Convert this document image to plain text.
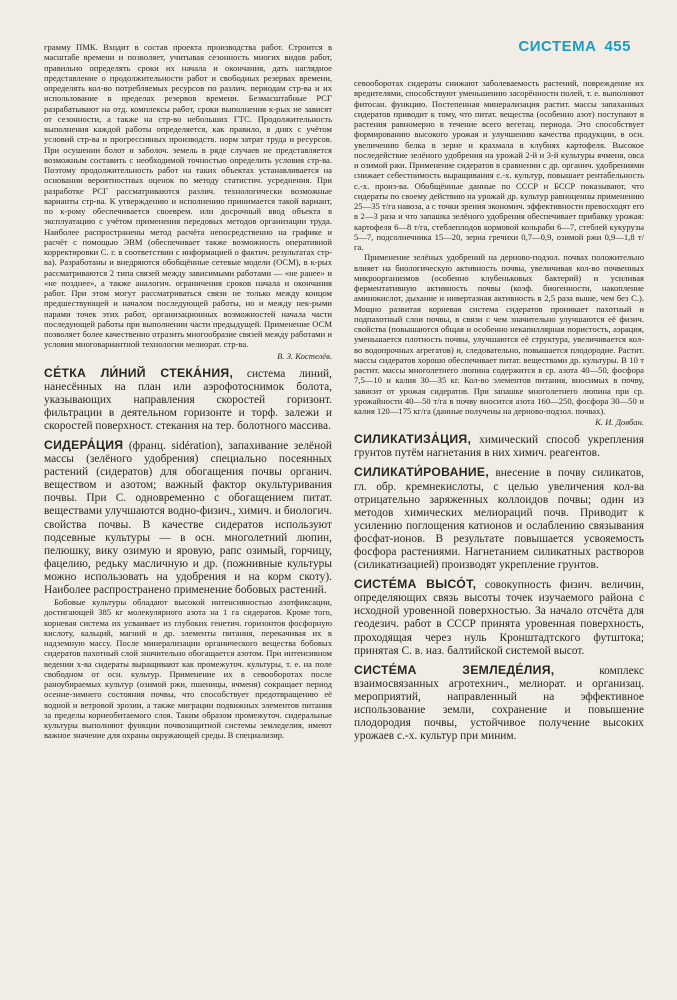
СИСТЕМА 455

грамму ПМК. Входит в состав проекта производства работ. Строится в масштабе времени и позволяет, учитывая сезонность многих видов работ, правильно определять сроки их начала и окончания, дать наглядное представление о продолжительности работ и свободных резервах времени, определять кол-во потребляемых ресурсов по различ. периодам стр-ва и их использование в пределах резервов времени. Безмасштабные РСГ разрабатывают на отд. комплексы работ, сроки выполнения к-рых не зависят от сезонности, а также на стр-во небольших ГТС. Продолжительность выполнения каждой работы определяется, как правило, в днях с учётом условий стр-ва и прогрессивных производств. норм затрат труда и ресурсов. При осушении болот и заболоч. земель в ряде случаев не представляется возможным составить с необходимой точностью определить условия стр-ва. Поэтому продолжительность работ на таких объектах устанавливается на основании вероятностных оценок по методу статистич. усреднения. При разработке РСГ рассматриваются различ. технологически возможные варианты стр-ва. К утверждению и исполнению принимается такой вариант, по к-рому обеспечивается своеврем. или досрочный ввод объекта в эксплуатацию с учётом применения передовых методов организации труда. Наиболее распространены метод расчёта непосредственно на графике и расчёт с помощью ЭВМ (обеспечивает также возможность оперативной корректировки С. г. в соответствии с информацией о фактич. результатах стр-ва). Разработаны и внедряются обобщённые сетевые модели (ОСМ), в к-рых рассматриваются 2 типа связей между зависимыми работами — «не ранее» и «не позднее», а также аналогич. ограничения сроков начала и окончания работ. При этом могут рассматриваться связи не только между концом предшествующей и началом последующей работы, но и между нек-рыми парами точек этих работ, организационных возможностей начала части последующей работы при выполнении части предыдущей. Применение ОСМ позволяет более качественно отразить многообразие связей между работами и условия многовариантной технологии мелиорат. стр-ва.

В. З. Костелёв.

СЕ́ТКА ЛИ́НИЙ СТЕКА́НИЯ, система линий, нанесённых на план или аэрофотоснимок болота, указывающих направления скоростей горизонт. фильтрации в деятельном горизонте и торф. залежи и скоростей поверхност. стекания на тер. болотного массива.

СИДЕРА́ЦИЯ (франц. sidération), запахивание зелёной массы (зелёного удобрения) специально посеянных растений (сидератов) для обогащения почвы органич. веществом и азотом; важный фактор окультуривания почвы. При С. одновременно с обогащением питат. веществами улучшаются водно-физич., химич. и биологич. свойства почвы. В качестве сидератов используют подсевные культуры — в осн. многолетний люпин, пелюшку, вику озимую и яровую, рапс озимый, горчицу, фацелию, редьку масличную и др. (пожнивные культуры можно использовать на удобрения и на корм скоту). Наиболее распространено применение бобовых растений.

Бобовые культуры обладают высокой интенсивностью азотфиксации, достигающей 385 кг молекулярного азота на 1 га сидератов. Кроме того, корневая система их усваивает из глубоких генетич. горизонтов фосфорную кислоту, кальций, магний и др. элементы питания, перекачивая их в надземную массу. После минерализации органического вещества бобовых сидератов пахотный слой значительно обогащается азотом. При интенсивном ведении х-ва сидераты выращивают как промежуточ. культуры, т. е. на поле свободном от осн. культур. Применение их в севооборотах после раноубираемых культур (озимой ржи, пшеницы, ячменя) сокращает период осенне-зимнего состояния почвы, что способствует предотвращению её водной и ветровой эрозии, а также миграции подвижных элементов питания за пределы корнеобитаемого слоя. Таким образом промежуточ. сидеральные культуры выполняют функции почвозащитной системы земледелия, имеют важное значение для охраны окружающей среды. В специализир.

севооборотах сидераты снижают заболеваемость растений, повреждение их вредителями, способствуют уменьшению засорённости полей, т. е. выполняют фитосан. функцию. Постепенная минерализация растит. массы запаханных сидератов приводит к тому, что питат. вещества (особенно азот) поступают в растения равномерно в течение всего вегетац. периода. Это способствует формированию высокого урожая и улучшению качества продукции, в осн. увеличению белка в зерне и крахмала в клубнях картофеля. Высокое последействие зелёного удобрения на урожай 2-й и 3-й культуры ячменя, овса и озимой ржи. Применение сидератов в сравнении с др. органич. удобрениями снижает себестоимость выращивания с.-х. культур, повышает рентабельность с.-х. произ-ва. Обобщённые данные по СССР и БССР показывают, что сидераты по своему действию на урожай др. культур равноценны применению 25—35 т/га навоза, а с точки зрения экономич. эффективности превосходят его в 2—3 раза и что запашка зелёного удобрения обеспечивает прибавку урожая: картофеля 6—8 т/га, стеблеплодов кормовой кольраби 6—7, стеблей кукурузы 5—7, подсолнечника 15—20, зерна гречихи 0,7—0,9, озимой ржи 0,9—1,8 т/га.

Применение зелёных удобрений на дерново-подзол. почвах положительно влияет на биологическую активность почвы, увеличивая кол-во почвенных микроорганизмов (особенно клубеньковых бактерий) и усиливая ферментативную активность почвы (коэф. биогенности, накопление аминокислот, дыхание и инвертазная активность в 2,5 раза выше, чем без С.). Мощно развитая корневая система сидератов проникает пахотный и подпахотный слои почвы, в связи с чем значительно улучшаются её физич. свойства (повышаются общая и особенно некапиллярная пористость, аэрация, уменьшается плотность почвы, улучшаются её структура, увеличивается кол-во водопрочных агрегатов) и, следовательно, повышается плодородие. Растит. массы сидератов хорошо обеспечивает питат. веществами др. культуры. В 10 т растит. массы многолетнего люпина содержится в ср. азота 40—50, фосфора 7,5—10 и калия 30—35 кг. Кол-во элементов питания, вносимых в почву, зависит от урожая сидератов. При запашке многолетнего люпина при ср. урожайности 40—50 т/га в почву вносится азота 160—250, фосфора 30—50 и калия 120—175 кг/га (данные получены на дерново-подзол. почвах).

К. И. Довбан.

СИЛИКАТИЗА́ЦИЯ, химический способ укрепления грунтов путём нагнетания в них химич. реагентов.

СИЛИКАТИ́РОВАНИЕ, внесение в почву силикатов, гл. обр. кремнекислоты, с целью увеличения кол-ва отрицательно заряженных коллоидов почвы; один из методов химических мелиораций почв. Приводит к усилению поглощения катионов и ослаблению связывания фосфат-ионов. В результате повышается усвояемость фосфора растениями. Нагнетанием силикатных растворов (силикатизацией) производят укрепление грунтов.

СИСТЕ́МА ВЫСО́Т, совокупность физич. величин, определяющих связь высоты точек изучаемого района с исходной уровенной поверхностью. За начало отсчёта для геодезич. работ в СССР принята уровенная поверхность, проходящая через нуль Кронштадтского футштока; принятая С. в. наз. балтийской системой высот.

СИСТЕ́МА ЗЕМЛЕДЕ́ЛИЯ,	комплекс взаимосвязанных агротехнич., мелиорат. и организац. мероприятий, направленный на эффективное использование земли, сохранение и повышение плодородия почвы, устойчивое получение высоких урожаев с.-х. культур при миним.
